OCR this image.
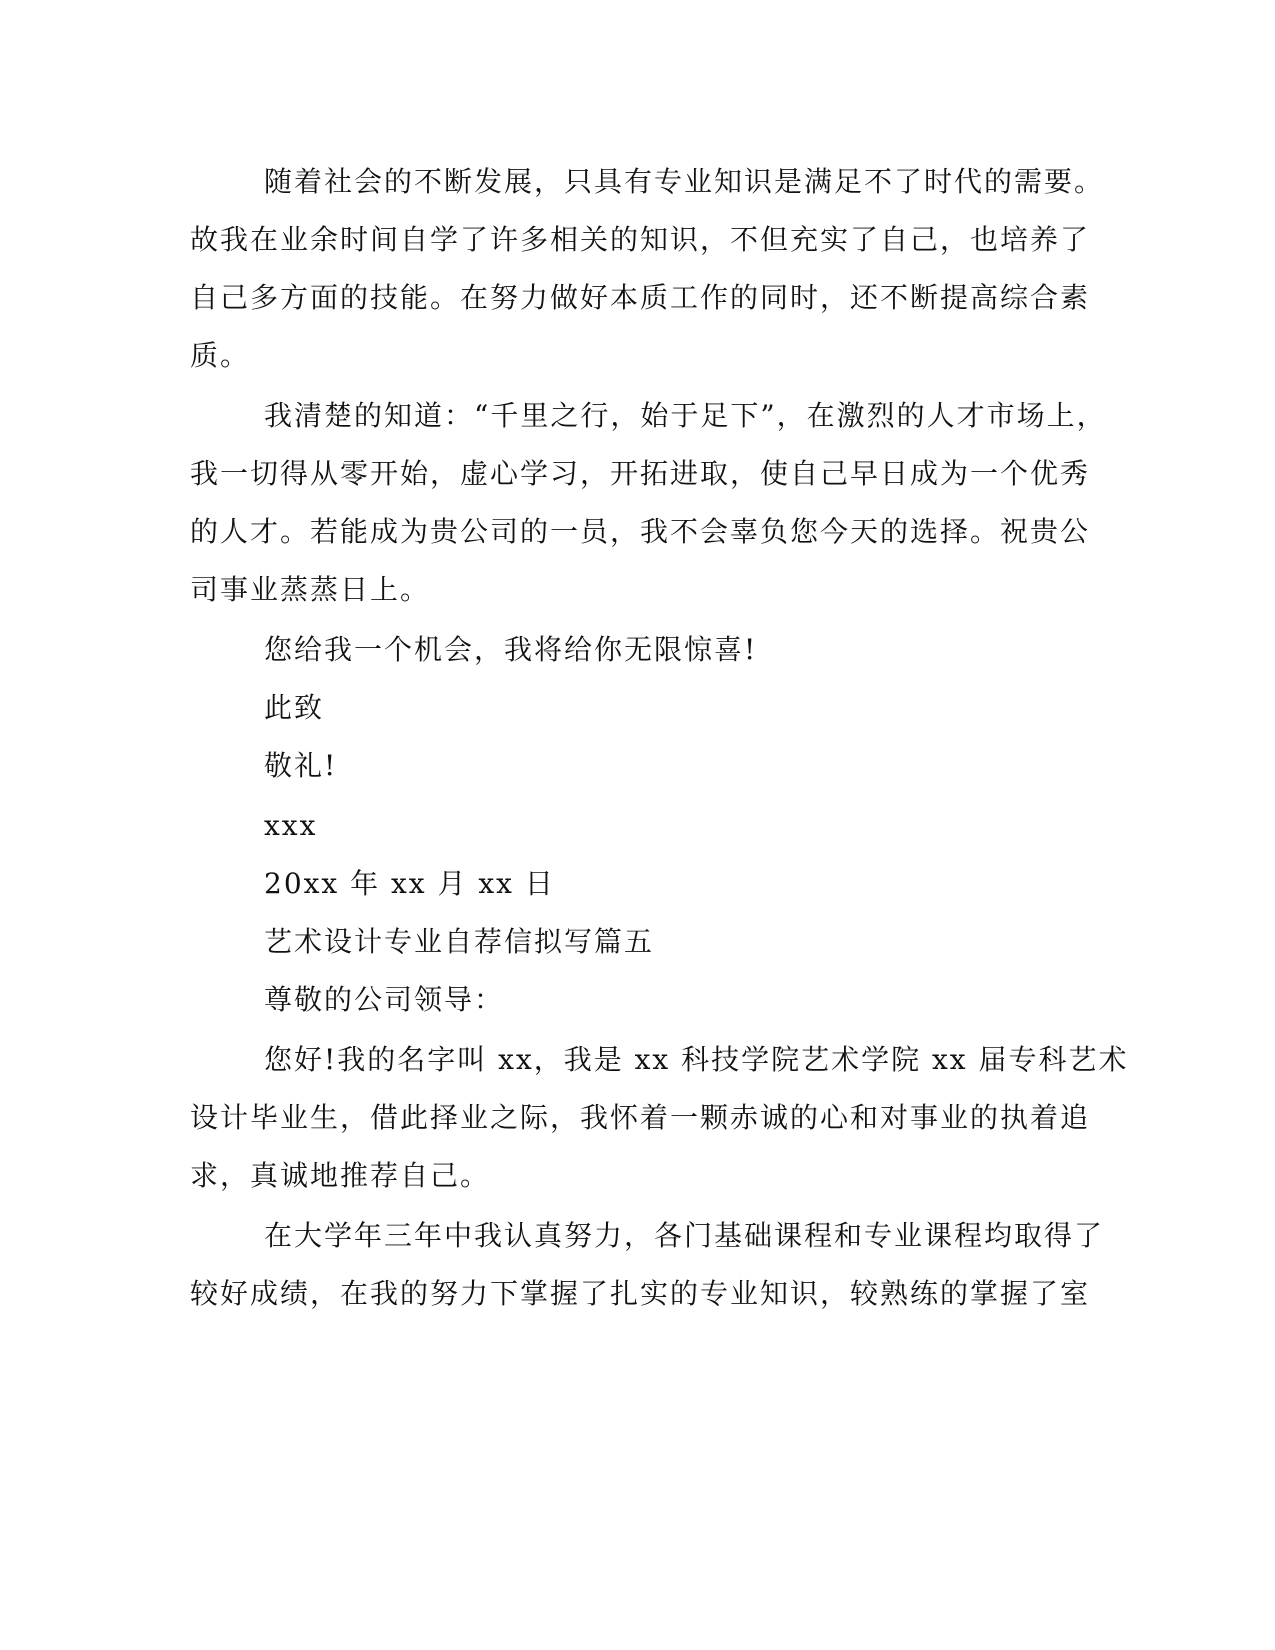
随着社会的不断发展，只具有专业知识是满足不了时代的需要。
故我在业余时间自学了许多相关的知识，不但充实了自己，也培养了
自己多方面的技能。在努力做好本质工作的同时，还不断提高综合素
质。
我清楚的知道：“千里之行，始于足下”，在激烈的人才市场上，
我一切得从零开始，虚心学习，开拓进取，使自己早日成为一个优秀
的人才。若能成为贵公司的一员，我不会辜负您今天的选择。祝贵公
司事业蒸蒸日上。
您给我一个机会，我将给你无限惊喜!
此致
敬礼!
xxx
20xx 年 xx 月 xx 日
艺术设计专业自荐信拟写篇五
尊敬的公司领导：
您好!我的名字叫 xx，我是 xx 科技学院艺术学院 xx 届专科艺术
设计毕业生，借此择业之际，我怀着一颗赤诚的心和对事业的执着追
求，真诚地推荐自己。
在大学年三年中我认真努力，各门基础课程和专业课程均取得了
较好成绩，在我的努力下掌握了扎实的专业知识，较熟练的掌握了室
